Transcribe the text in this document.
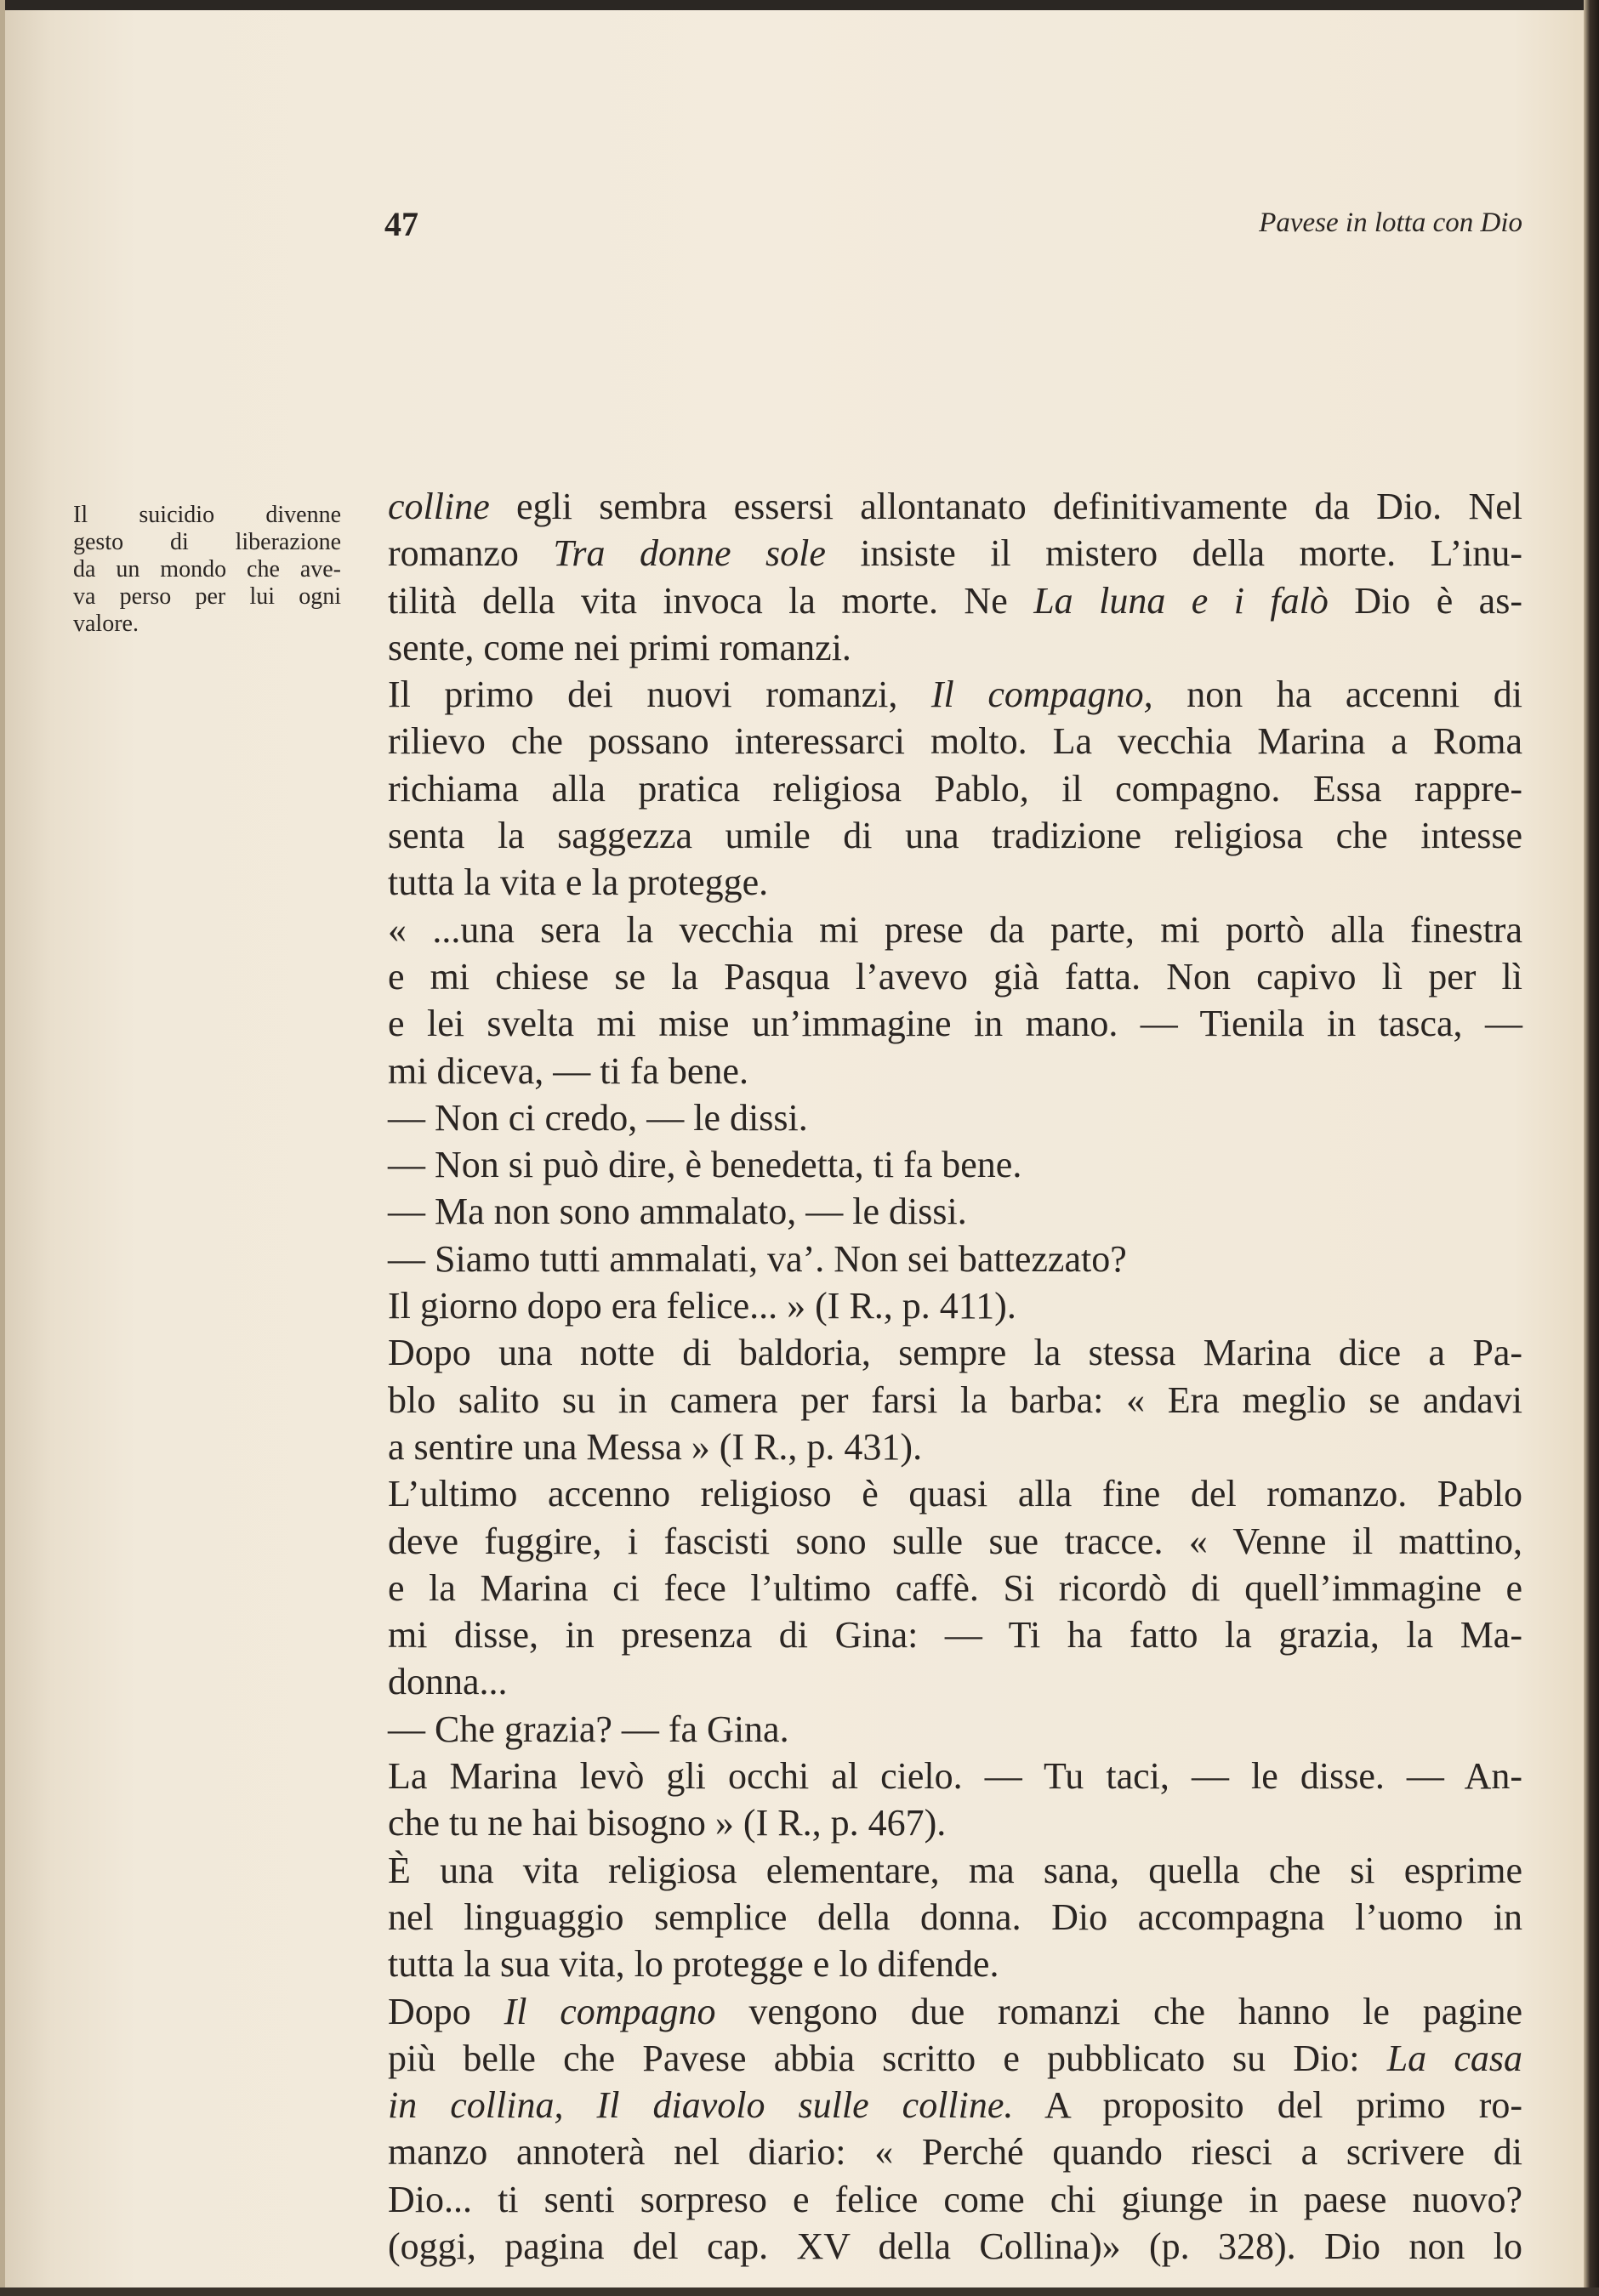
47	Pavese in lotta con Dio
Il suicidio divenne
gesto di liberazione
da un mondo che ave-
va perso per lui ogni
valore.
colline egli sembra essersi allontanato definitivamente da Dio. Nel
romanzo Tra donne sole insiste il mistero della morte. L’inu-
tilità della vita invoca la morte. Ne La luna e i falò Dio è as-
sente, come nei primi romanzi.
Il primo dei nuovi romanzi, Il compagno, non ha accenni di
rilievo che possano interessarci molto. La vecchia Marina a Roma
richiama alla pratica religiosa Pablo, il compagno. Essa rappre-
senta la saggezza umile di una tradizione religiosa che intesse
tutta la vita e la protegge.
« ...una sera la vecchia mi prese da parte, mi portò alla finestra
e mi chiese se la Pasqua l’avevo già fatta. Non capivo lì per lì
e lei svelta mi mise un’immagine in mano. — Tienila in tasca, —
mi diceva, — ti fa bene.
— Non ci credo, — le dissi.
— Non si può dire, è benedetta, ti fa bene.
— Ma non sono ammalato, — le dissi.
— Siamo tutti ammalati, va’. Non sei battezzato?
Il giorno dopo era felice... » (I R., p. 411).
Dopo una notte di baldoria, sempre la stessa Marina dice a Pa-
blo salito su in camera per farsi la barba: « Era meglio se andavi
a sentire una Messa » (I R., p. 431).
L’ultimo accenno religioso è quasi alla fine del romanzo. Pablo
deve fuggire, i fascisti sono sulle sue tracce. « Venne il mattino,
e la Marina ci fece l’ultimo caffè. Si ricordò di quell’immagine e
mi disse, in presenza di Gina: — Ti ha fatto la grazia, la Ma-
donna...
— Che grazia? — fa Gina.
La Marina levò gli occhi al cielo. — Tu taci, — le disse. — An-
che tu ne hai bisogno » (I R., p. 467).
È una vita religiosa elementare, ma sana, quella che si esprime
nel linguaggio semplice della donna. Dio accompagna l’uomo in
tutta la sua vita, lo protegge e lo difende.
Dopo Il compagno vengono due romanzi che hanno le pagine
più belle che Pavese abbia scritto e pubblicato su Dio: La casa
in collina, Il diavolo sulle colline. A proposito del primo ro-
manzo annoterà nel diario: « Perché quando riesci a scrivere di
Dio... ti senti sorpreso e felice come chi giunge in paese nuovo?
(oggi, pagina del cap. XV della Collina)» (p. 328). Dio non lo
